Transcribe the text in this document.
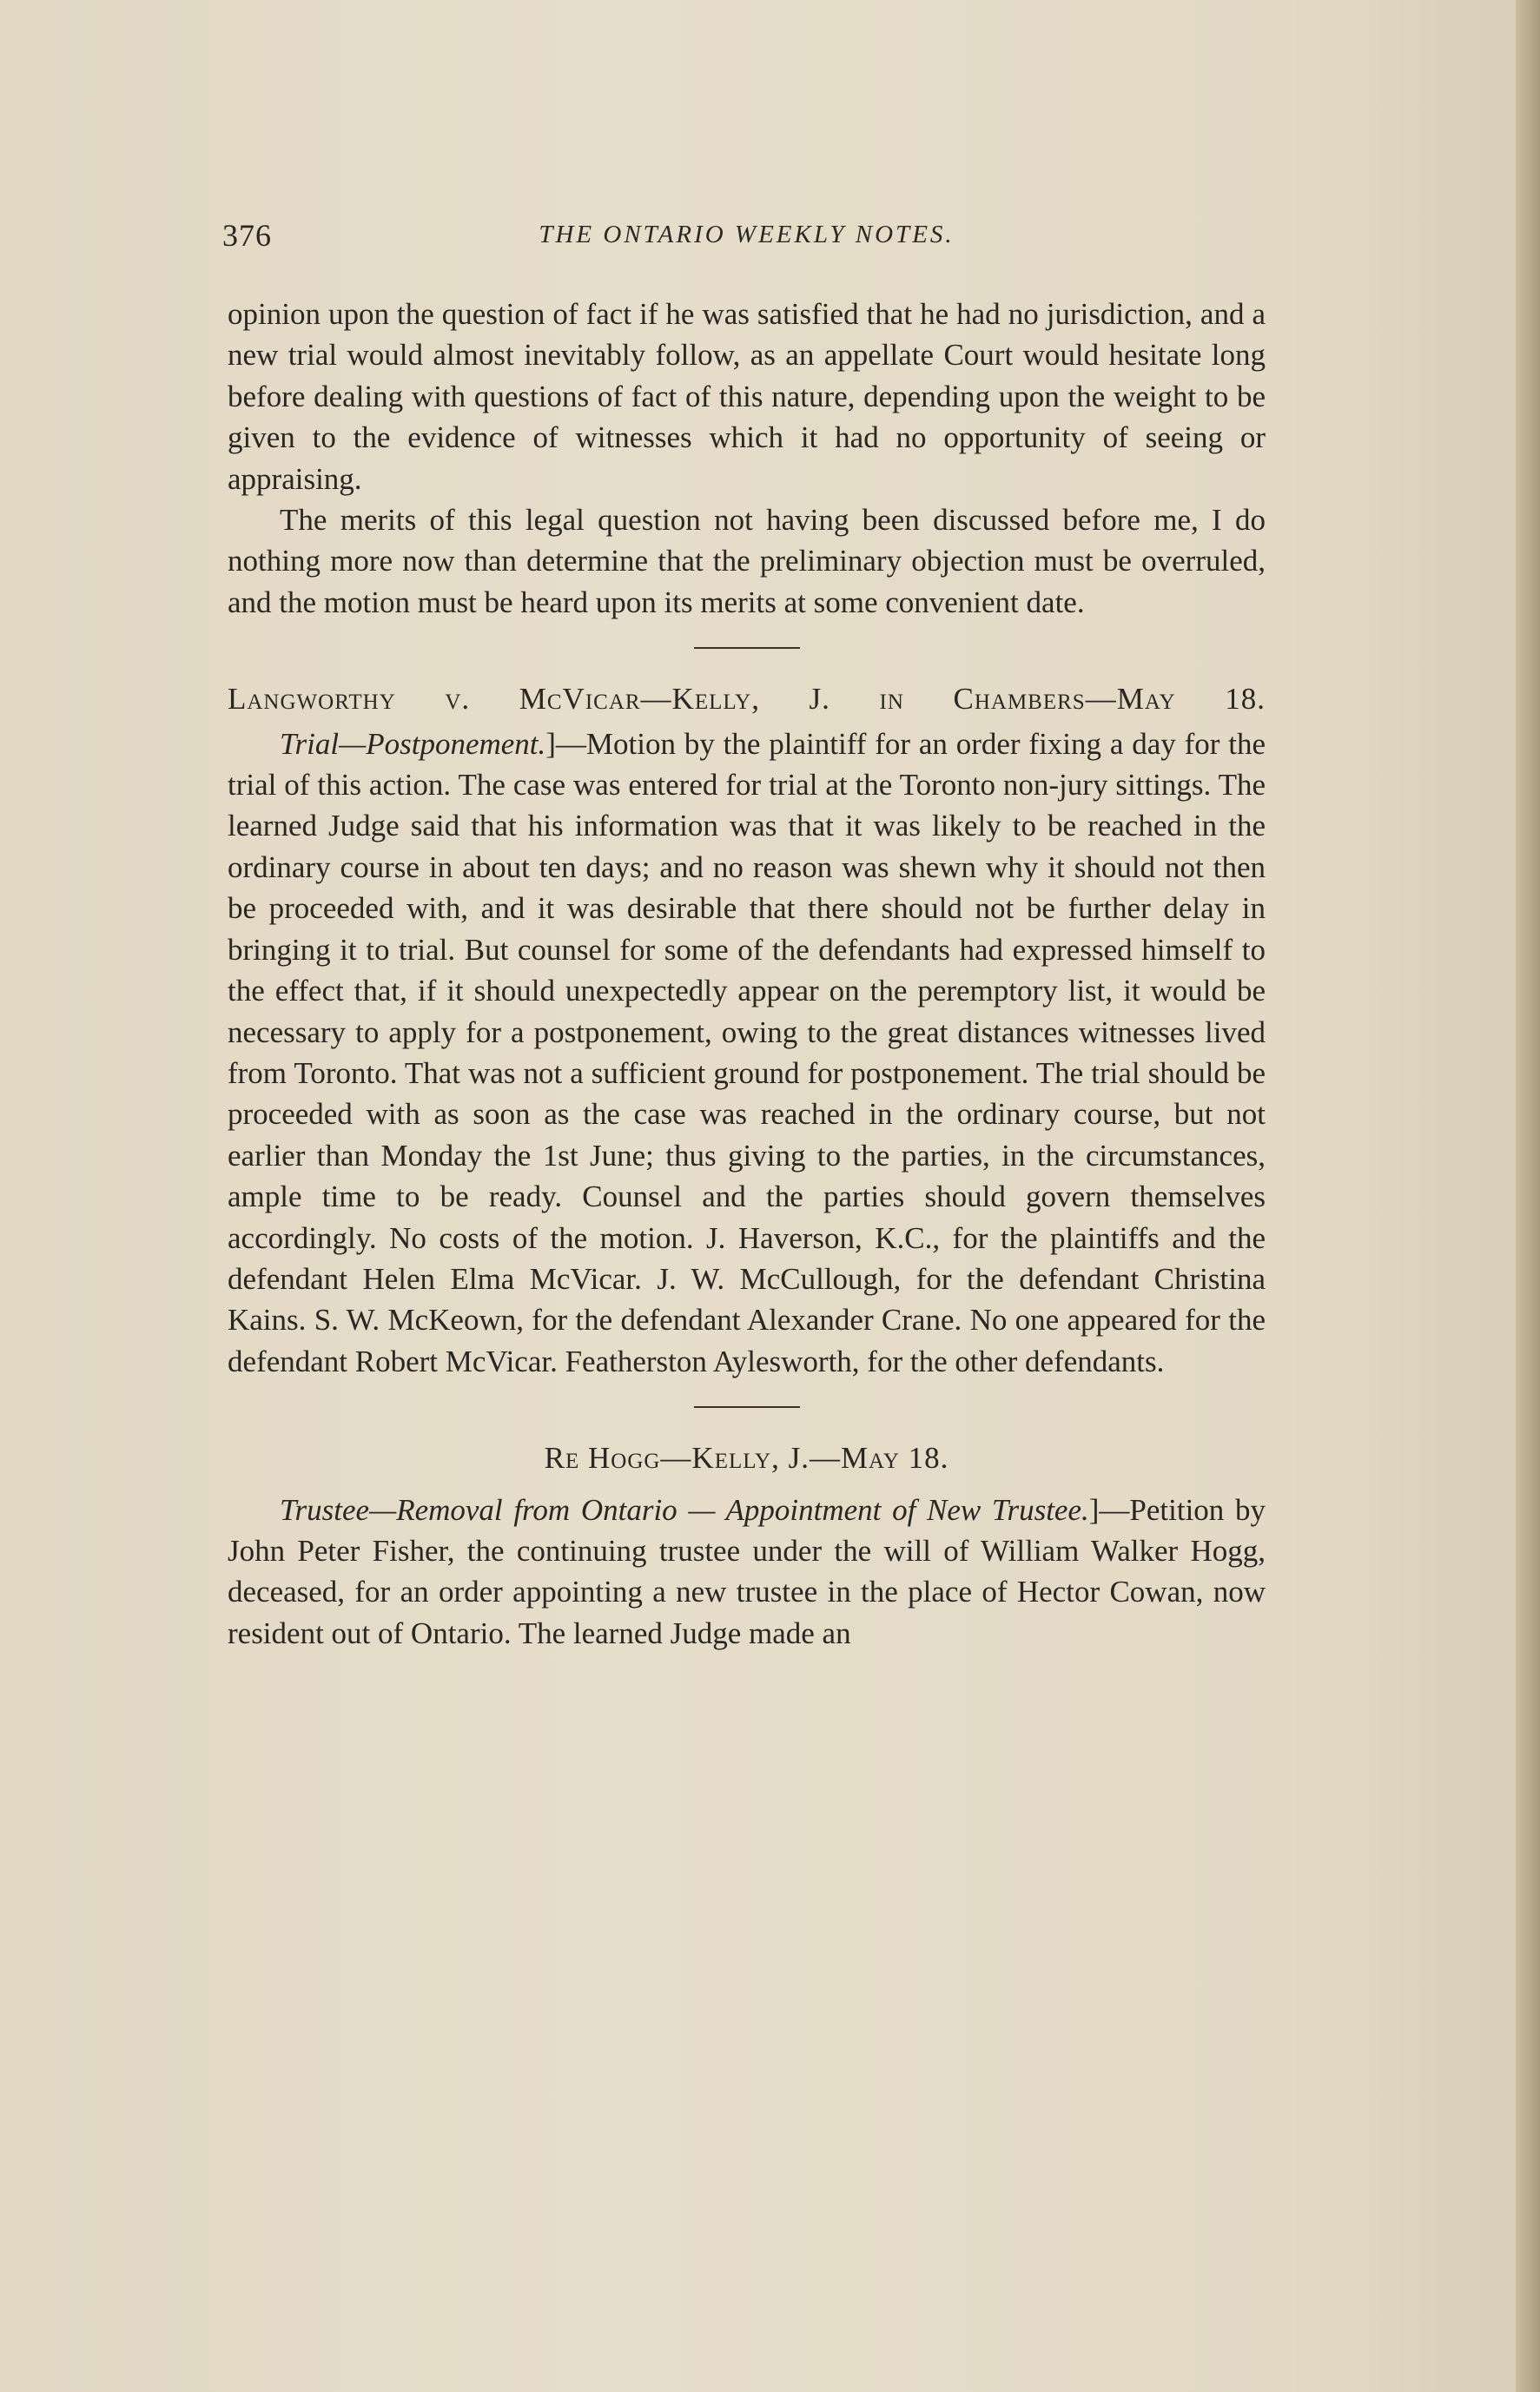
376	THE ONTARIO WEEKLY NOTES.

opinion upon the question of fact if he was satisfied that he had no jurisdiction, and a new trial would almost inevitably follow, as an appellate Court would hesitate long before dealing with questions of fact of this nature, depending upon the weight to be given to the evidence of witnesses which it had no opportunity of seeing or appraising.

The merits of this legal question not having been discussed before me, I do nothing more now than determine that the preliminary objection must be overruled, and the motion must be heard upon its merits at some convenient date.

Langworthy v. McVicar—Kelly, J. in Chambers—May 18.

Trial—Postponement.]—Motion by the plaintiff for an order fixing a day for the trial of this action. The case was entered for trial at the Toronto non-jury sittings. The learned Judge said that his information was that it was likely to be reached in the ordinary course in about ten days; and no reason was shewn why it should not then be proceeded with, and it was desirable that there should not be further delay in bringing it to trial. But counsel for some of the defendants had expressed himself to the effect that, if it should unexpectedly appear on the peremptory list, it would be necessary to apply for a postponement, owing to the great distances witnesses lived from Toronto. That was not a sufficient ground for postponement. The trial should be proceeded with as soon as the case was reached in the ordinary course, but not earlier than Monday the 1st June; thus giving to the parties, in the circumstances, ample time to be ready. Counsel and the parties should govern themselves accordingly. No costs of the motion. J. Haverson, K.C., for the plaintiffs and the defendant Helen Elma McVicar. J. W. McCullough, for the defendant Christina Kains. S. W. McKeown, for the defendant Alexander Crane. No one appeared for the defendant Robert McVicar. Featherston Aylesworth, for the other defendants.

Re Hogg—Kelly, J.—May 18.

Trustee—Removal from Ontario — Appointment of New Trustee.]—Petition by John Peter Fisher, the continuing trustee under the will of William Walker Hogg, deceased, for an order appointing a new trustee in the place of Hector Cowan, now resident out of Ontario. The learned Judge made an
